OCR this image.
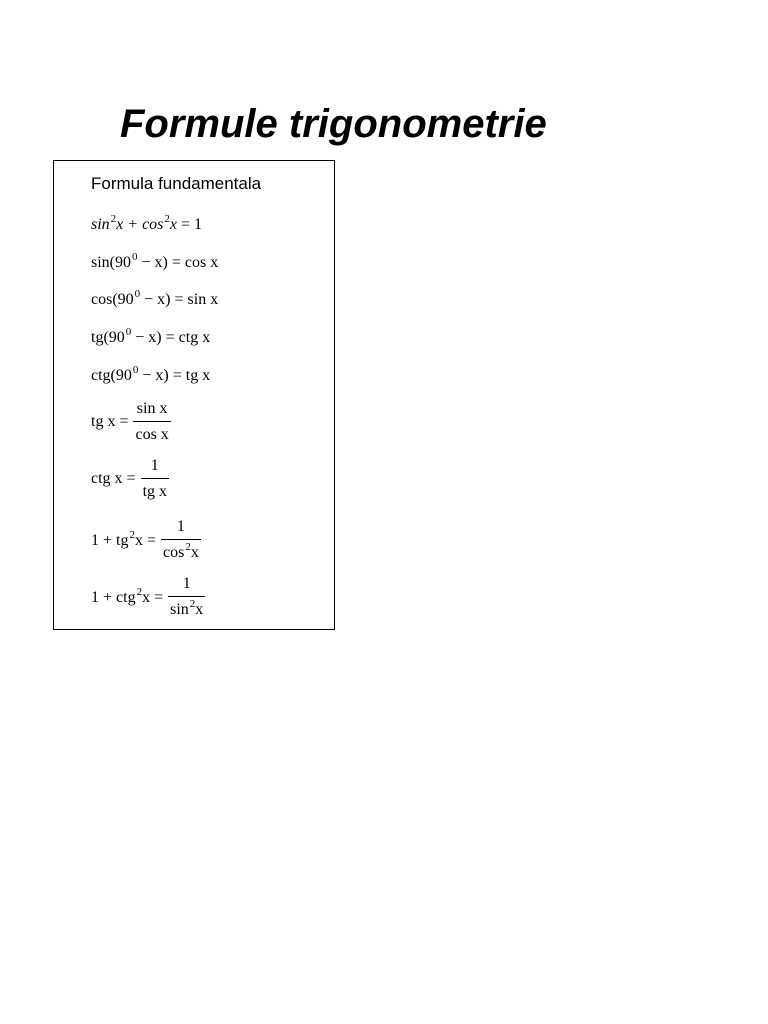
Formule trigonometrie
Formula fundamentala
$\sin^2x + \cos^2x = 1$
$\sin(90^0 - x) = \cos x$
$\cos(90^0 - x) = \sin x$
$tg(90^0 - x)$ = ctg x
$ctg(90^0 - x)$ = tg x
tg $x = \frac{\text{sin x}}{\text{cos x}}$
ctg $x = \frac{1}{\text{tg x}}$
$1 + tg^2x = \frac{1}{\cos^2x}$
$1 + ctg^2x = \frac{1}{\sin^2x}$
